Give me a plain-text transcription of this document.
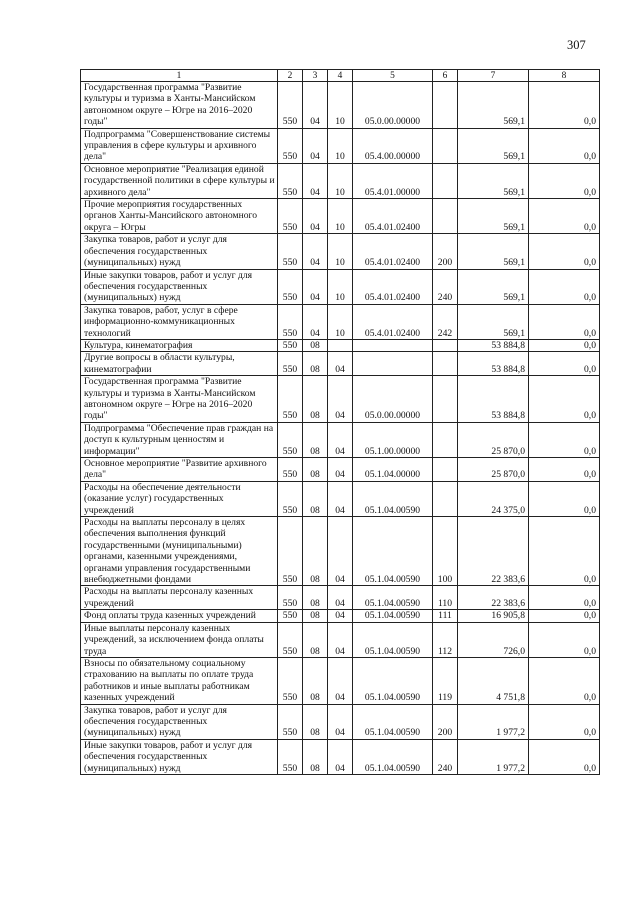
307
1	2	3	4	5	6	7	8
Государственная программа "Развитие культуры и туризма в Ханты-Мансийском автономном округе – Югре на 2016–2020 годы"	550	04	10	05.0.00.00000		569,1	0,0
Подпрограмма "Совершенствование системы управления в сфере культуры и архивного дела"	550	04	10	05.4.00.00000		569,1	0,0
Основное мероприятие "Реализация единой государственной политики в сфере культуры и архивного дела"	550	04	10	05.4.01.00000		569,1	0,0
Прочие мероприятия государственных органов Ханты-Мансийского автономного округа – Югры	550	04	10	05.4.01.02400		569,1	0,0
Закупка товаров, работ и услуг для обеспечения государственных (муниципальных) нужд	550	04	10	05.4.01.02400	200	569,1	0,0
Иные закупки товаров, работ и услуг для обеспечения государственных (муниципальных) нужд	550	04	10	05.4.01.02400	240	569,1	0,0
Закупка товаров, работ, услуг в сфере информационно-коммуникационных технологий	550	04	10	05.4.01.02400	242	569,1	0,0
Культура, кинематография	550	08				53 884,8	0,0
Другие вопросы в области культуры, кинематографии	550	08	04			53 884,8	0,0
Государственная программа "Развитие культуры и туризма в Ханты-Мансийском автономном округе – Югре на 2016–2020 годы"	550	08	04	05.0.00.00000		53 884,8	0,0
Подпрограмма "Обеспечение прав граждан на доступ к культурным ценностям и информации"	550	08	04	05.1.00.00000		25 870,0	0,0
Основное мероприятие "Развитие архивного дела"	550	08	04	05.1.04.00000		25 870,0	0,0
Расходы на обеспечение деятельности (оказание услуг) государственных учреждений	550	08	04	05.1.04.00590		24 375,0	0,0
Расходы на выплаты персоналу в целях обеспечения выполнения функций государственными (муниципальными) органами, казенными учреждениями, органами управления государственными внебюджетными фондами	550	08	04	05.1.04.00590	100	22 383,6	0,0
Расходы на выплаты персоналу казенных учреждений	550	08	04	05.1.04.00590	110	22 383,6	0,0
Фонд оплаты труда казенных учреждений	550	08	04	05.1.04.00590	111	16 905,8	0,0
Иные выплаты персоналу казенных учреждений, за исключением фонда оплаты труда	550	08	04	05.1.04.00590	112	726,0	0,0
Взносы по обязательному социальному страхованию на выплаты по оплате труда работников и иные выплаты работникам казенных учреждений	550	08	04	05.1.04.00590	119	4 751,8	0,0
Закупка товаров, работ и услуг для обеспечения государственных (муниципальных) нужд	550	08	04	05.1.04.00590	200	1 977,2	0,0
Иные закупки товаров, работ и услуг для обеспечения государственных (муниципальных) нужд	550	08	04	05.1.04.00590	240	1 977,2	0,0
